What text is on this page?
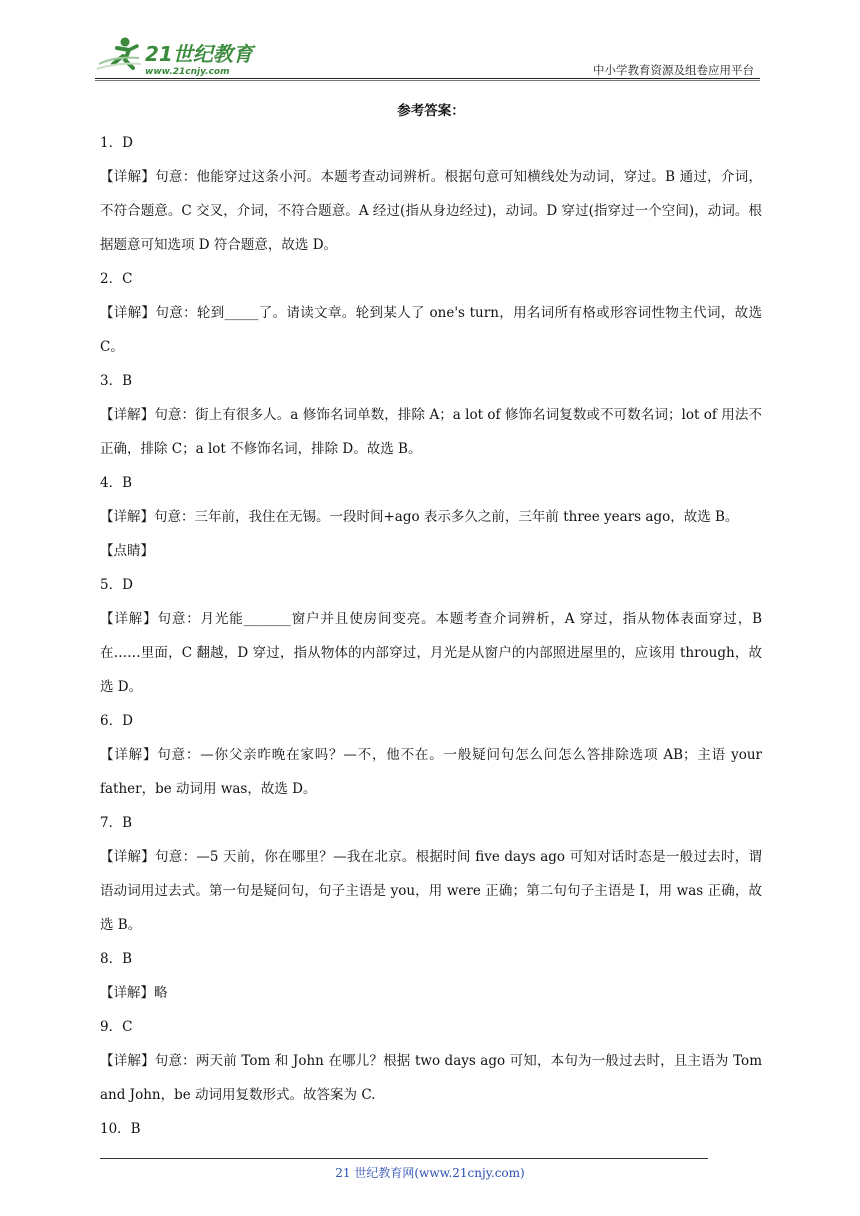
21世纪教育
www.21cnjy.com	中小学教育资源及组卷应用平台
参考答案：
1．D
【详解】句意：他能穿过这条小河。本题考查动词辨析。根据句意可知横线处为动词，穿过。B 通过，介词，不符合题意。C 交叉，介词，不符合题意。A 经过(指从身边经过)，动词。D 穿过(指穿过一个空间)，动词。根据题意可知选项 D 符合题意，故选 D。
2．C
【详解】句意：轮到_____了。请读文章。轮到某人了 one's turn，用名词所有格或形容词性物主代词，故选 C。
3．B
【详解】句意：街上有很多人。a 修饰名词单数，排除 A；a lot of 修饰名词复数或不可数名词；lot of 用法不正确，排除 C；a lot 不修饰名词，排除 D。故选 B。
4．B
【详解】句意：三年前，我住在无锡。一段时间+ago 表示多久之前，三年前 three years ago，故选 B。
【点睛】
5．D
【详解】句意：月光能_______窗户并且使房间变亮。本题考查介词辨析，A 穿过，指从物体表面穿过，B 在……里面，C 翻越，D 穿过，指从物体的内部穿过，月光是从窗户的内部照进屋里的，应该用 through，故选 D。
6．D
【详解】句意：—你父亲昨晚在家吗？—不，他不在。一般疑问句怎么问怎么答排除选项 AB；主语 your father，be 动词用 was，故选 D。
7．B
【详解】句意：—5 天前，你在哪里？—我在北京。根据时间 five days ago 可知对话时态是一般过去时，谓语动词用过去式。第一句是疑问句，句子主语是 you，用 were 正确；第二句句子主语是 I，用 was 正确，故选 B。
8．B
【详解】略
9．C
【详解】句意：两天前 Tom 和 John 在哪儿？根据 two days ago 可知，本句为一般过去时，且主语为 Tom and John，be 动词用复数形式。故答案为 C.
10．B
21 世纪教育网(www.21cnjy.com)
